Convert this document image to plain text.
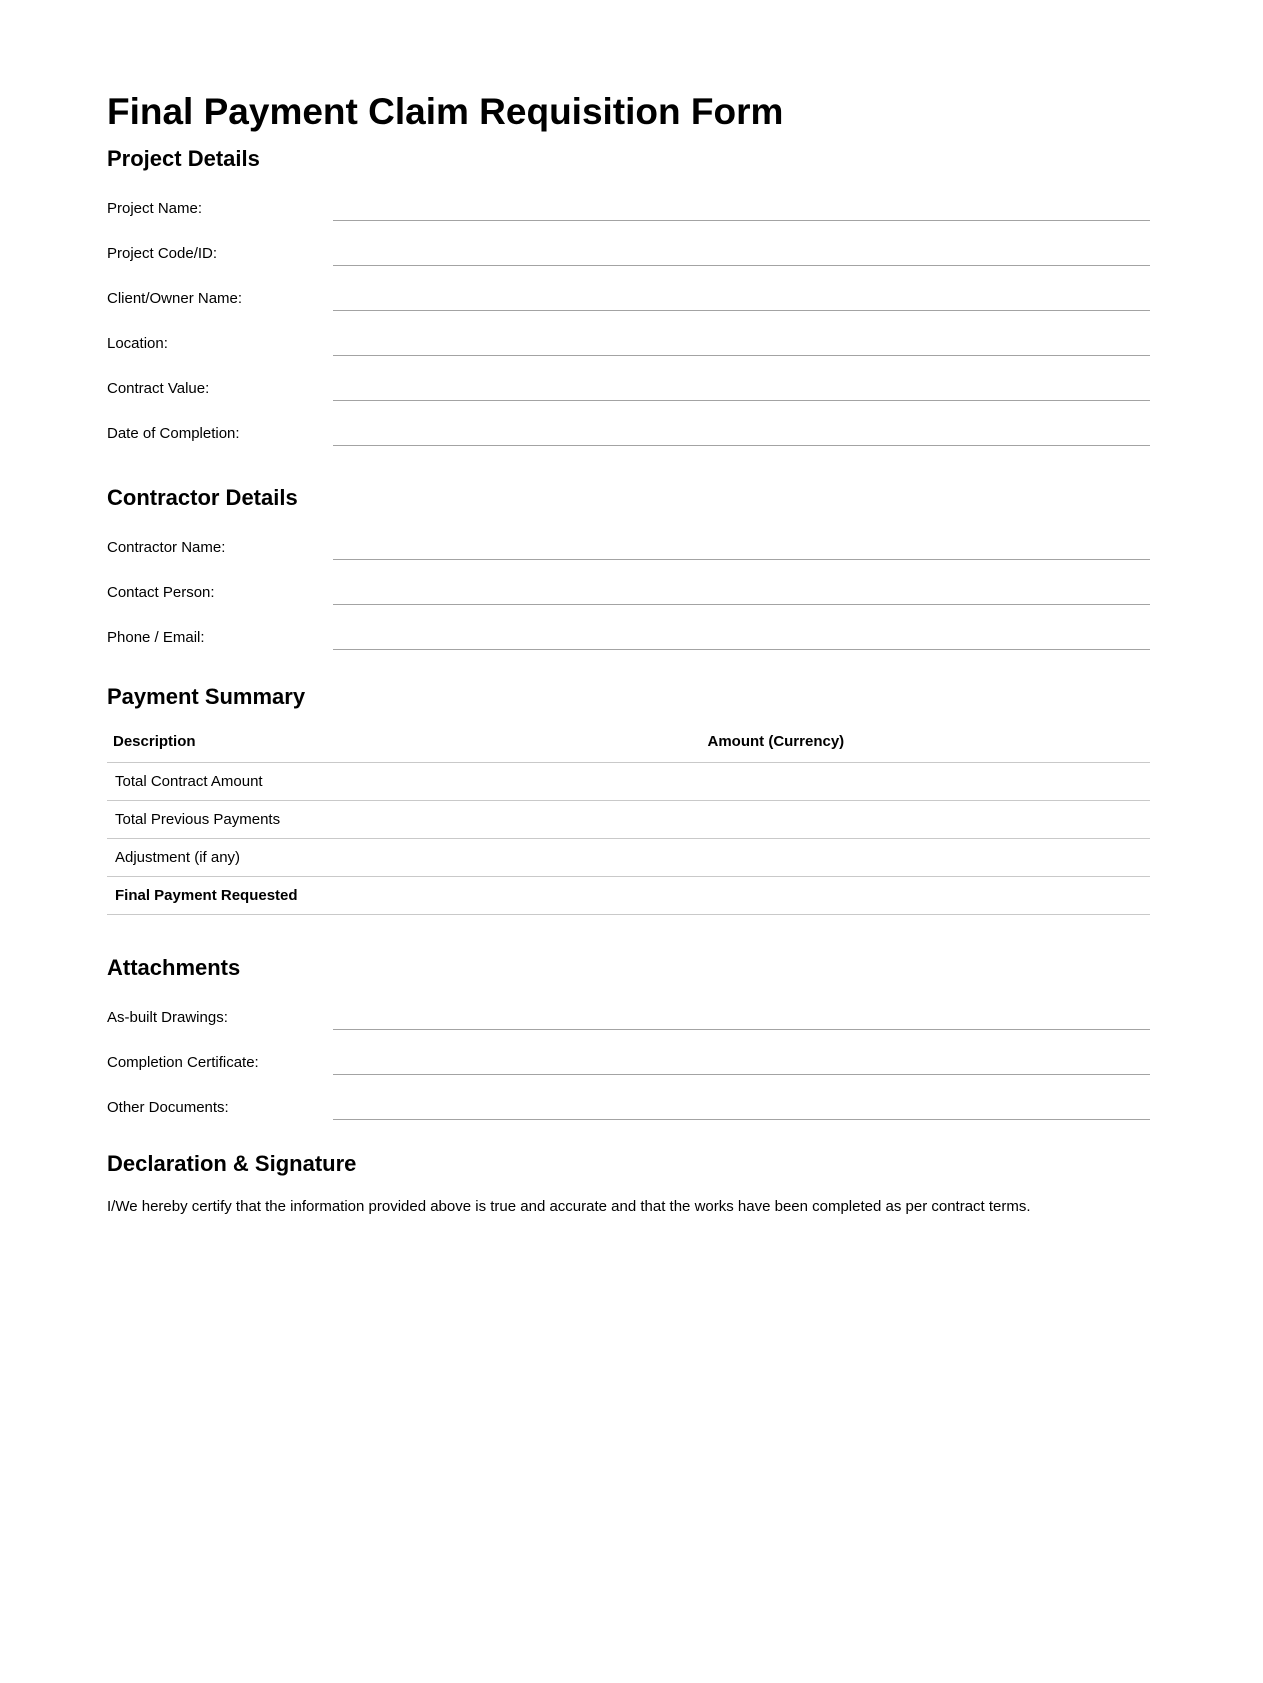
Final Payment Claim Requisition Form
Project Details
Project Name:
Project Code/ID:
Client/Owner Name:
Location:
Contract Value:
Date of Completion:
Contractor Details
Contractor Name:
Contact Person:
Phone / Email:
Payment Summary
Description	Amount (Currency)
Total Contract Amount	
Total Previous Payments	
Adjustment (if any)	
Final Payment Requested	
Attachments
As-built Drawings:
Completion Certificate:
Other Documents:
Declaration & Signature

I/We hereby certify that the information provided above is true and accurate and that the works have been completed as per contract terms.
